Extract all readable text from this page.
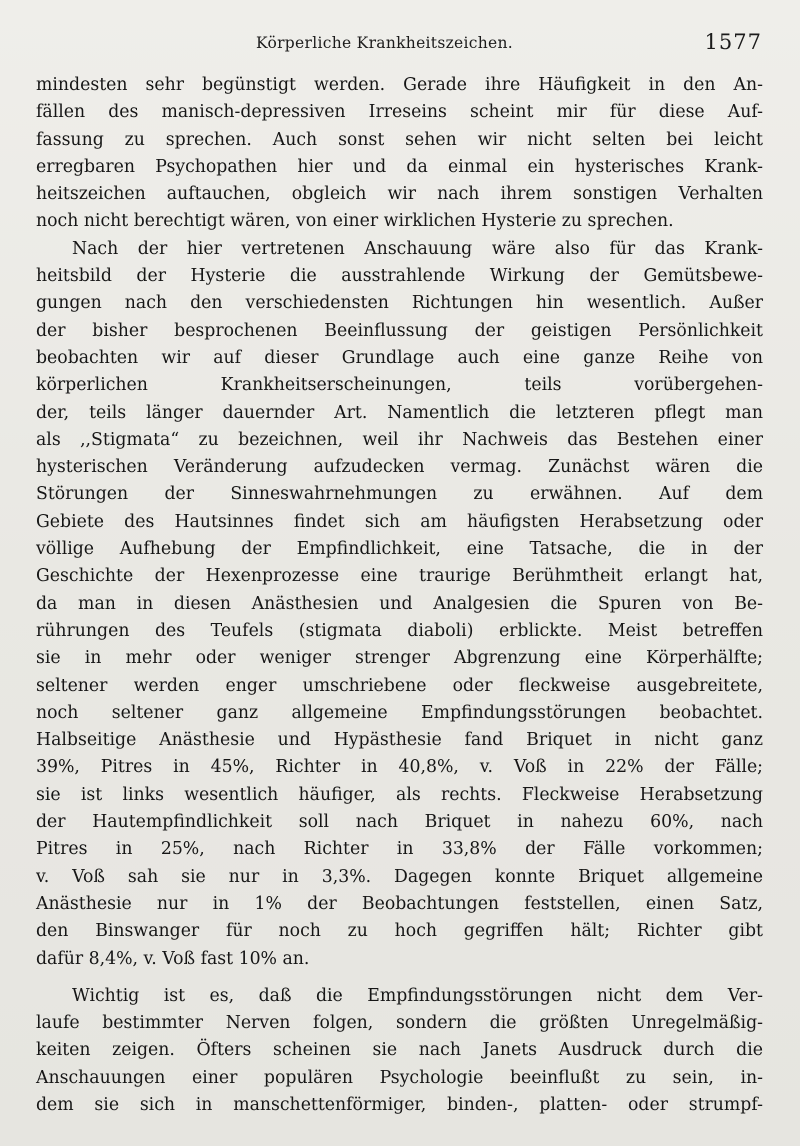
Körperliche Krankheitszeichen.	1577
mindesten sehr begünstigt werden. Gerade ihre Häufigkeit in den An-
fällen des manisch-depressiven Irreseins scheint mir für diese Auf-
fassung zu sprechen. Auch sonst sehen wir nicht selten bei leicht
erregbaren Psychopathen hier und da einmal ein hysterisches Krank-
heitszeichen auftauchen, obgleich wir nach ihrem sonstigen Verhalten
noch nicht berechtigt wären, von einer wirklichen Hysterie zu sprechen.
Nach der hier vertretenen Anschauung wäre also für das Krank-
heitsbild der Hysterie die ausstrahlende Wirkung der Gemütsbewe-
gungen nach den verschiedensten Richtungen hin wesentlich. Außer
der bisher besprochenen Beeinflussung der geistigen Persönlichkeit
beobachten wir auf dieser Grundlage auch eine ganze Reihe von
körperlichen Krankheitserscheinungen, teils vorübergehen-
der, teils länger dauernder Art. Namentlich die letzteren pflegt man
als ,,Stigmata“ zu bezeichnen, weil ihr Nachweis das Bestehen einer
hysterischen Veränderung aufzudecken vermag. Zunächst wären die
Störungen der Sinneswahrnehmungen zu erwähnen. Auf dem
Gebiete des Hautsinnes findet sich am häufigsten Herabsetzung oder
völlige Aufhebung der Empfindlichkeit, eine Tatsache, die in der
Geschichte der Hexenprozesse eine traurige Berühmtheit erlangt hat,
da man in diesen Anästhesien und Analgesien die Spuren von Be-
rührungen des Teufels (stigmata diaboli) erblickte. Meist betreffen
sie in mehr oder weniger strenger Abgrenzung eine Körperhälfte;
seltener werden enger umschriebene oder fleckweise ausgebreitete,
noch seltener ganz allgemeine Empfindungsstörungen beobachtet.
Halbseitige Anästhesie und Hypästhesie fand Briquet in nicht ganz
39%, Pitres in 45%, Richter in 40,8%, v. Voß in 22% der Fälle;
sie ist links wesentlich häufiger, als rechts. Fleckweise Herabsetzung
der Hautempfindlichkeit soll nach Briquet in nahezu 60%, nach
Pitres in 25%, nach Richter in 33,8% der Fälle vorkommen;
v. Voß sah sie nur in 3,3%. Dagegen konnte Briquet allgemeine
Anästhesie nur in 1% der Beobachtungen feststellen, einen Satz,
den Binswanger für noch zu hoch gegriffen hält; Richter gibt
dafür 8,4%, v. Voß fast 10% an.
Wichtig ist es, daß die Empfindungsstörungen nicht dem Ver-
laufe bestimmter Nerven folgen, sondern die größten Unregelmäßig-
keiten zeigen. Öfters scheinen sie nach Janets Ausdruck durch die
Anschauungen einer populären Psychologie beeinflußt zu sein, in-
dem sie sich in manschettenförmiger, binden-, platten- oder strumpf-
